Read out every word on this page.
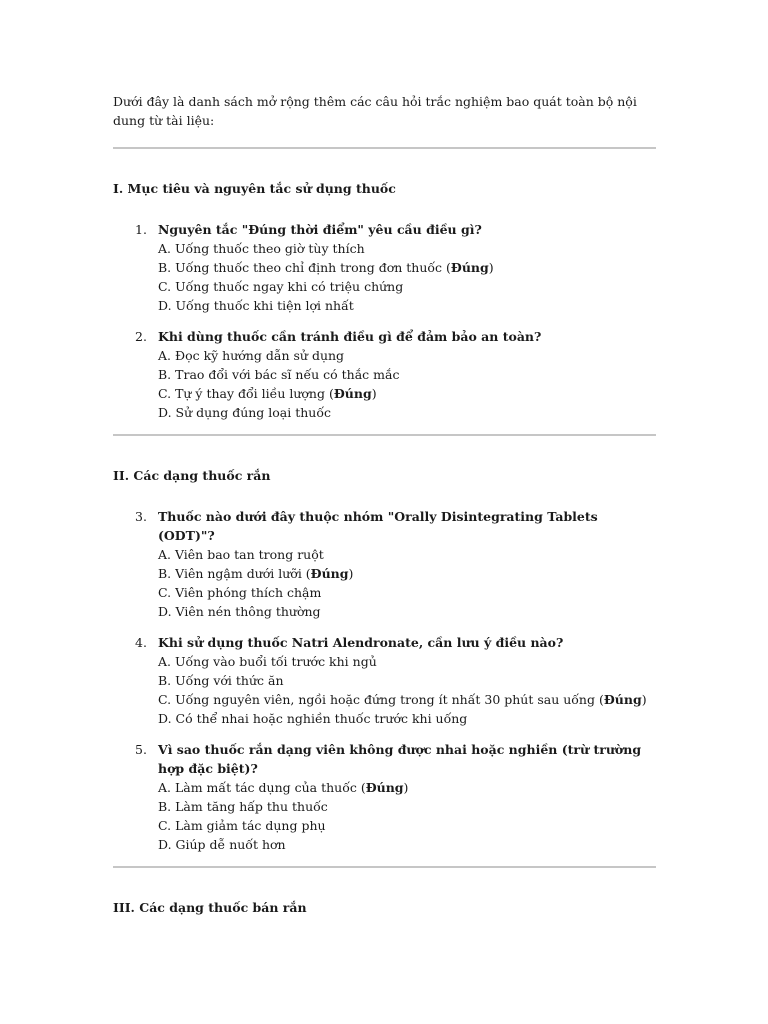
Dưới đây là danh sách mở rộng thêm các câu hỏi trắc nghiệm bao quát toàn bộ nội dung từ tài liệu:

I. Mục tiêu và nguyên tắc sử dụng thuốc
1. Nguyên tắc "Đúng thời điểm" yêu cầu điều gì?
A. Uống thuốc theo giờ tùy thích
B. Uống thuốc theo chỉ định trong đơn thuốc (Đúng)
C. Uống thuốc ngay khi có triệu chứng
D. Uống thuốc khi tiện lợi nhất
2. Khi dùng thuốc cần tránh điều gì để đảm bảo an toàn?
A. Đọc kỹ hướng dẫn sử dụng
B. Trao đổi với bác sĩ nếu có thắc mắc
C. Tự ý thay đổi liều lượng (Đúng)
D. Sử dụng đúng loại thuốc
II. Các dạng thuốc rắn
3. Thuốc nào dưới đây thuộc nhóm "Orally Disintegrating Tablets (ODT)"?
A. Viên bao tan trong ruột
B. Viên ngậm dưới lưỡi (Đúng)
C. Viên phóng thích chậm
D. Viên nén thông thường
4. Khi sử dụng thuốc Natri Alendronate, cần lưu ý điều nào?
A. Uống vào buổi tối trước khi ngủ
B. Uống với thức ăn
C. Uống nguyên viên, ngồi hoặc đứng trong ít nhất 30 phút sau uống (Đúng)
D. Có thể nhai hoặc nghiền thuốc trước khi uống
5. Vì sao thuốc rắn dạng viên không được nhai hoặc nghiền (trừ trường hợp đặc biệt)?
A. Làm mất tác dụng của thuốc (Đúng)
B. Làm tăng hấp thu thuốc
C. Làm giảm tác dụng phụ
D. Giúp dễ nuốt hơn
III. Các dạng thuốc bán rắn
